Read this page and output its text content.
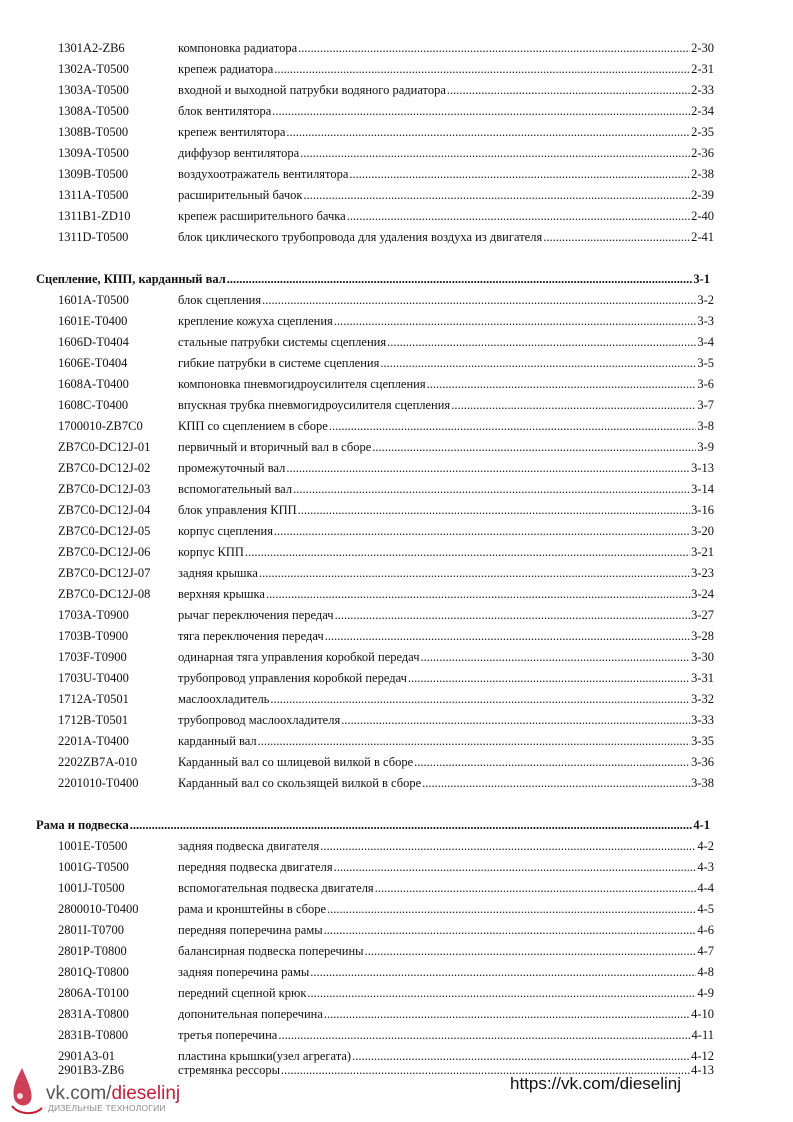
1301A2-ZB6	компоновка радиатора .....	2-30
1302A-T0500	крепеж радиатора .....	2-31
1303A-T0500	входной и выходной патрубки водяного радиатора .....	2-33
1308A-T0500	блок вентилятора .....	2-34
1308B-T0500	крепеж вентилятора .....	2-35
1309A-T0500	диффузор вентилятора .....	2-36
1309B-T0500	воздухоотражатель вентилятора .....	2-38
1311A-T0500	расширительный бачок .....	2-39
1311B1-ZD10	крепеж расширительного бачка .....	2-40
1311D-T0500	блок циклического трубопровода для удаления воздуха из двигателя .....	2-41
Сцепление, КПП, карданный вал .....	3-1
1601A-T0500	блок сцепления .....	3-2
1601E-T0400	крепление кожуха сцепления .....	3-3
1606D-T0404	стальные патрубки системы сцепления .....	3-4
1606E-T0404	гибкие патрубки в системе сцепления .....	3-5
1608A-T0400	компоновка пневмогидроусилителя сцепления .....	3-6
1608C-T0400	впускная трубка пневмогидроусилителя сцепления .....	3-7
1700010-ZB7C0	КПП со сцеплением в сборе .....	3-8
ZB7C0-DC12J-01 первичный и вторичный вал в сборе .....	3-9
ZB7C0-DC12J-02 промежуточный вал .....	3-13
ZB7C0-DC12J-03 вспомогательный вал .....	3-14
ZB7C0-DC12J-04 блок управления КПП .....	3-16
ZB7C0-DC12J-05 корпус сцепления .....	3-20
ZB7C0-DC12J-06 корпус КПП .....	3-21
ZB7C0-DC12J-07 задняя крышка .....	3-23
ZB7C0-DC12J-08 верхняя крышка .....	3-24
1703A-T0900	рычаг переключения передач .....	3-27
1703B-T0900	тяга переключения передач .....	3-28
1703F-T0900	одинарная тяга управления коробкой передач .....	3-30
1703U-T0400	трубопровод управления коробкой передач .....	3-31
1712A-T0501	маслоохладитель .....	3-32
1712B-T0501	трубопровод маслоохладителя .....	3-33
2201A-T0400	карданный вал .....	3-35
2202ZB7A-010	Карданный вал со шлицевой вилкой в сборе .....	3-36
2201010-T0400	Карданный вал со скользящей вилкой в сборе .....	3-38
Рама и подвеска .....	4-1
1001E-T0500	задняя подвеска двигателя .....	4-2
1001G-T0500	передняя подвеска двигателя .....	4-3
1001J-T0500	вспомогательная подвеска двигателя .....	4-4
2800010-T0400	рама и кронштейны в сборе .....	4-5
2801I-T0700	передняя поперечина рамы .....	4-6
2801P-T0800	балансирная подвеска поперечины .....	4-7
2801Q-T0800	задняя поперечина рамы .....	4-8
2806A-T0100	передний сцепной крюк .....	4-9
2831A-T0800	допонительная поперечина .....	4-10
2831B-T0800	третья поперечина .....	4-11
2901A3-01	пластина крышки(узел агрегата) .....	4-12
2901B3-ZB6	стремянка рессоры .....	4-13
vk.com/dieselinj
ДИЗЕЛЬНЫЕ ТЕХНОЛОГИИ
https://vk.com/dieselinj
